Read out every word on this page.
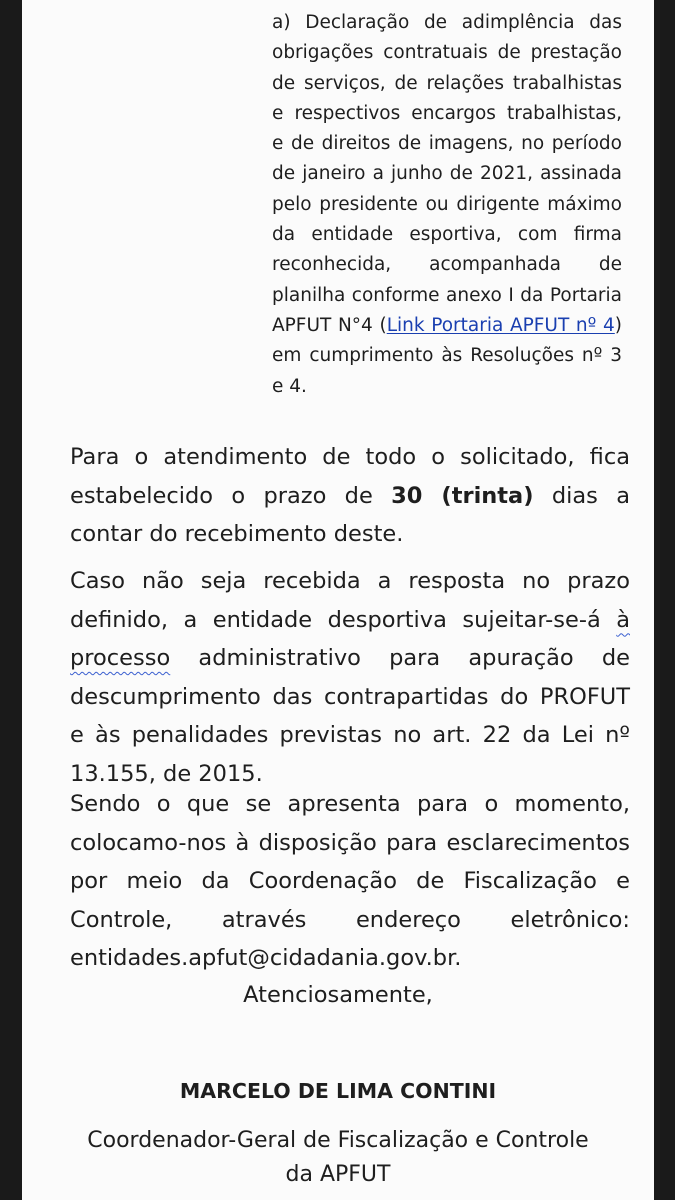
a) Declaração de adimplência das obrigações contratuais de prestação de serviços, de relações trabalhistas e respectivos encargos trabalhistas, e de direitos de imagens, no período de janeiro a junho de 2021, assinada pelo presidente ou dirigente máximo da entidade esportiva, com firma reconhecida, acompanhada de planilha conforme anexo I da Portaria APFUT N°4 (Link Portaria APFUT nº 4) em cumprimento às Resoluções nº 3 e 4.
Para o atendimento de todo o solicitado, fica estabelecido o prazo de 30 (trinta) dias a contar do recebimento deste.
Caso não seja recebida a resposta no prazo definido, a entidade desportiva sujeitar-se-á à processo administrativo para apuração de descumprimento das contrapartidas do PROFUT e às penalidades previstas no art. 22 da Lei nº 13.155, de 2015.
Sendo o que se apresenta para o momento, colocamo-nos à disposição para esclarecimentos por meio da Coordenação de Fiscalização e Controle, através endereço eletrônico: entidades.apfut@cidadania.gov.br.
Atenciosamente,
MARCELO DE LIMA CONTINI
Coordenador-Geral de Fiscalização e Controle
da APFUT
